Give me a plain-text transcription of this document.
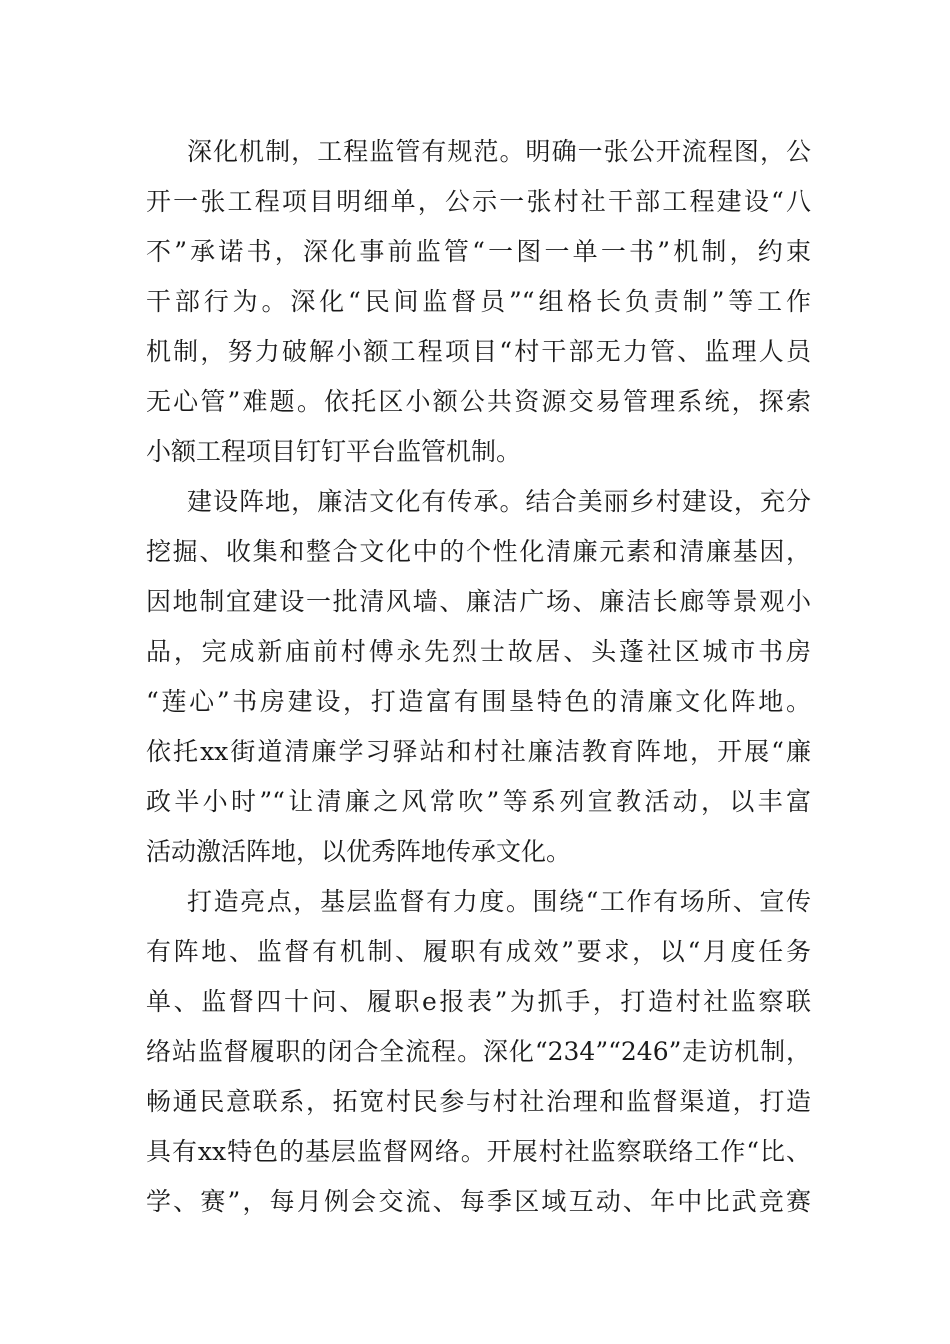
深化机制，工程监管有规范。明确一张公开流程图，公
开一张工程项目明细单，公示一张村社干部工程建设“八
不”承诺书，深化事前监管“一图一单一书”机制，约束
干部行为。深化“民间监督员”“组格长负责制”等工作
机制，努力破解小额工程项目“村干部无力管、监理人员
无心管”难题。依托区小额公共资源交易管理系统，探索
小额工程项目钉钉平台监管机制。
建设阵地，廉洁文化有传承。结合美丽乡村建设，充分
挖掘、收集和整合文化中的个性化清廉元素和清廉基因，
因地制宜建设一批清风墙、廉洁广场、廉洁长廊等景观小
品，完成新庙前村傅永先烈士故居、头蓬社区城市书房
“莲心”书房建设，打造富有围垦特色的清廉文化阵地。
依托xx街道清廉学习驿站和村社廉洁教育阵地，开展“廉
政半小时”“让清廉之风常吹”等系列宣教活动，以丰富
活动激活阵地，以优秀阵地传承文化。
打造亮点，基层监督有力度。围绕“工作有场所、宣传
有阵地、监督有机制、履职有成效”要求，以“月度任务
单、监督四十问、履职e报表”为抓手，打造村社监察联
络站监督履职的闭合全流程。深化“234”“246”走访机制，
畅通民意联系，拓宽村民参与村社治理和监督渠道，打造
具有xx特色的基层监督网络。开展村社监察联络工作“比、
学、赛”，每月例会交流、每季区域互动、年中比武竞赛
